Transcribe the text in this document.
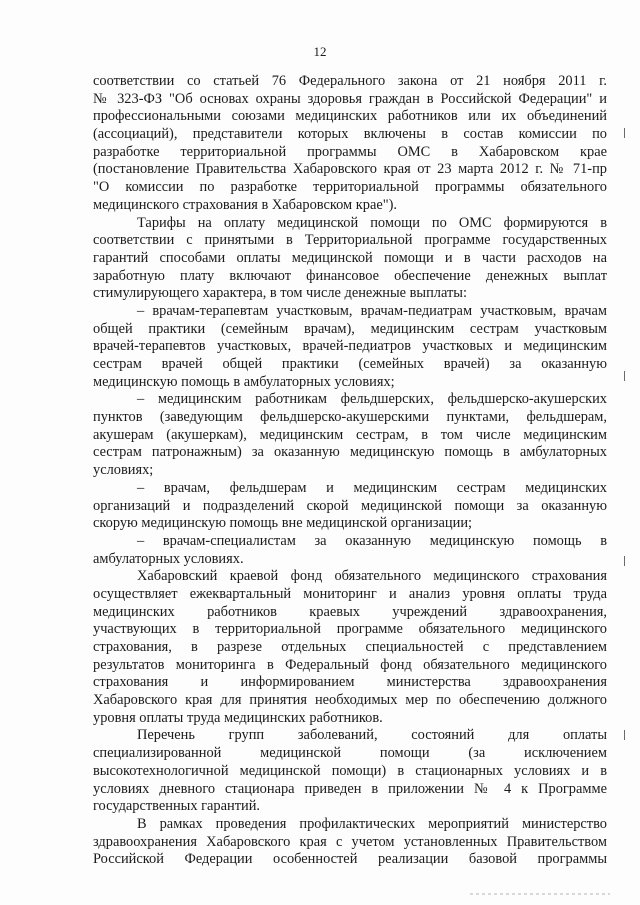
12
соответствии со статьей 76 Федерального закона от 21 ноября 2011 г.
№ 323-ФЗ "Об основах охраны здоровья граждан в Российской Федерации" и
профессиональными союзами медицинских работников или их объединений
(ассоциаций), представители которых включены в состав комиссии по
разработке территориальной программы ОМС в Хабаровском крае
(постановление Правительства Хабаровского края от 23 марта 2012 г. № 71-пр
"О комиссии по разработке территориальной программы обязательного
медицинского страхования в Хабаровском крае").
Тарифы на оплату медицинской помощи по ОМС формируются в
соответствии с принятыми в Территориальной программе государственных
гарантий способами оплаты медицинской помощи и в части расходов на
заработную плату включают финансовое обеспечение денежных выплат
стимулирующего характера, в том числе денежные выплаты:
– врачам-терапевтам участковым, врачам-педиатрам участковым, врачам
общей практики (семейным врачам), медицинским сестрам участковым
врачей-терапевтов участковых, врачей-педиатров участковых и медицинским
сестрам врачей общей практики (семейных врачей) за оказанную
медицинскую помощь в амбулаторных условиях;
– медицинским работникам фельдшерских, фельдшерско-акушерских
пунктов (заведующим фельдшерско-акушерскими пунктами, фельдшерам,
акушерам (акушеркам), медицинским сестрам, в том числе медицинским
сестрам патронажным) за оказанную медицинскую помощь в амбулаторных
условиях;
– врачам, фельдшерам и медицинским сестрам медицинских
организаций и подразделений скорой медицинской помощи за оказанную
скорую медицинскую помощь вне медицинской организации;
– врачам-специалистам за оказанную медицинскую помощь в
амбулаторных условиях.
Хабаровский краевой фонд обязательного медицинского страхования
осуществляет ежеквартальный мониторинг и анализ уровня оплаты труда
медицинских работников краевых учреждений здравоохранения,
участвующих в территориальной программе обязательного медицинского
страхования, в разрезе отдельных специальностей с представлением
результатов мониторинга в Федеральный фонд обязательного медицинского
страхования и информированием министерства здравоохранения
Хабаровского края для принятия необходимых мер по обеспечению должного
уровня оплаты труда медицинских работников.
Перечень групп заболеваний, состояний для оплаты
специализированной медицинской помощи (за исключением
высокотехнологичной медицинской помощи) в стационарных условиях и в
условиях дневного стационара приведен в приложении № 4 к Программе
государственных гарантий.
В рамках проведения профилактических мероприятий министерство
здравоохранения Хабаровского края с учетом установленных Правительством
Российской Федерации особенностей реализации базовой программы
